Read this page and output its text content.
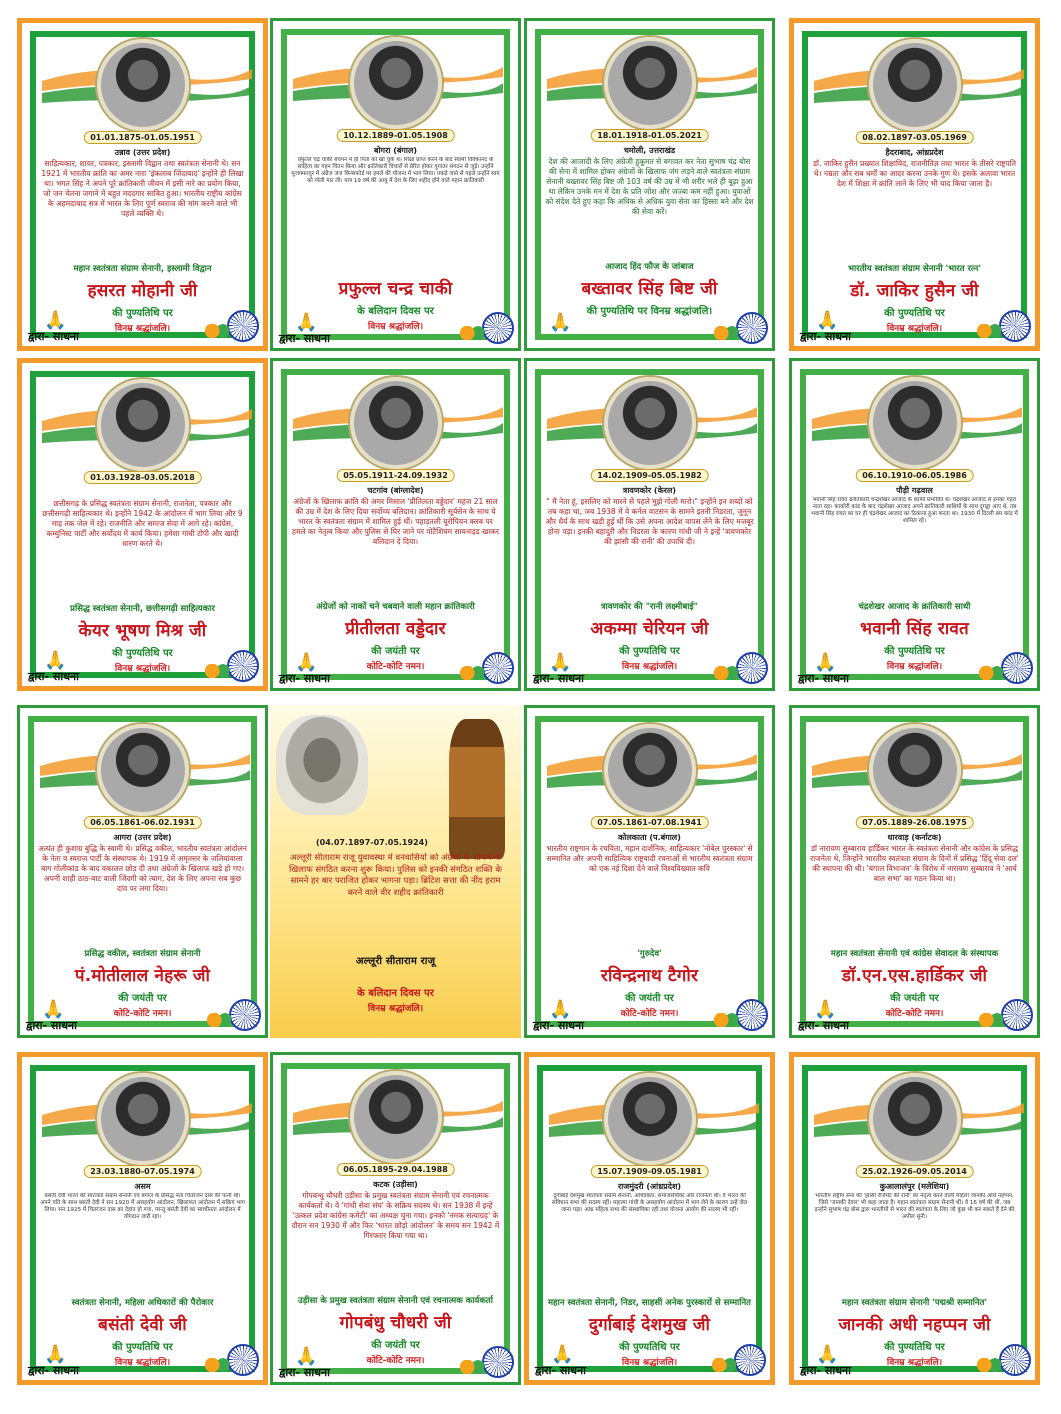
01.01.1875-01.05.1951
उन्नाव (उत्तर प्रदेश)
साहित्यकार, शायर, पत्रकार, इस्लामी विद्वान तथा स्वतंत्रता सेनानी थे। सन 1921 में भारतीय क्रांति का अमर नारा 'इंकलाब जिंदाबाद' इन्होंने ही लिखा था। भगत सिंह ने अपने पूरे क्रांतिकारी जीवन में इसी नारे का प्रयोग किया, जो जन चेतना जगाने में बहुत मददगार साबित हुआ। भारतीय राष्ट्रीय कांग्रेस के अहमदाबाद सत्र में भारत के लिए पूर्ण स्वराज की मांग करने वाले भी पहले व्यक्ति थे।
महान स्वतंत्रता संग्राम सेनानी, इस्लामी विद्वान
हसरत मोहानी जी
की पुण्यतिथि पर
विनम्र श्रद्धांजलि।
द्वारा- साधना
🙏
10.12.1889-01.05.1908
बोगरा (बंगाल)
प्रफुल्ल चंद्र चाकी बचपन में ही पिता को खो चुके थे। शिक्षा प्राप्त करने के बाद स्वामी विवेकानंद के साहित्य का गहन चिंतन किया और क्रांतिकारी विचारों से प्रेरित होकर युगांतर संगठन से जुड़े। उन्होंने मुजफ्फरपुर में अंग्रेज जज किंग्सफोर्ड पर हमले की योजना में भाग लिया। पकड़े जाने से पहले उन्होंने स्वयं को गोली मार ली। मात्र 19 वर्ष की आयु में देश के लिए शहीद होने वाले महान क्रांतिकारी
प्रफुल्ल चन्द्र चाकी
के बलिदान दिवस पर
विनम्र श्रद्धांजलि।
द्वारा- साधना
🙏
18.01.1918-01.05.2021
चमोली, उत्तराखंड
देश की आजादी के लिए अंग्रेजी हुकूमत से बगावत कर नेता सुभाष चंद्र बोस की सेना में शामिल होकर अंग्रेजों के खिलाफ जंग लड़ने वाले स्वतंत्रता संग्राम सेनानी बख्तावर सिंह बिष्ट जी 103 वर्ष की उम्र में भी शरीर भले ही बूढ़ा हुआ था लेकिन उनके मन में देश के प्रति जोश और जज्बा कम नहीं हुआ। युवाओं को संदेश देते हुए कहा कि अधिक से अधिक युवा सेना का हिस्सा बने और देश की सेवा करें।
आजाद हिंद फौज के जांबाज
बख्तावर सिंह बिष्ट जी
की पुण्यतिथि पर विनम्र श्रद्धांजलि।
🙏
08.02.1897-03.05.1969
हैदराबाद, आंध्रप्रदेश
डॉ. जाकिर हुसैन प्रख्यात शिक्षाविद, राजनीतिज्ञ तथा भारत के तीसरे राष्ट्रपति थे। नम्रता और सब धर्मों का आदर करना उनके गुण थे। इसके अलावा भारत देश में शिक्षा में क्रांति लाने के लिए भी याद किया जाता है।
भारतीय स्वतंत्रता संग्राम सेनानी 'भारत रत्न'
डॉ. जाकिर हुसैन जी
की पुण्यतिथि पर
विनम्र श्रद्धांजलि।
द्वारा- साधना
🙏
01.03.1928-03.05.2018
छत्तीसगढ़ के प्रसिद्ध स्वतंत्रता संग्राम सेनानी, राजनेता, पत्रकार और छत्तीसगढ़ी साहित्यकार थे। इन्होंने 1942 के आंदोलन में भाग लिया और 9 माह तक जेल में रहे। राजनीति और समाज सेवा में आगे रहे। कांग्रेस, कम्युनिस्ट पार्टी और सर्वोदय में कार्य किया। हमेशा गांधी टोपी और खादी धारण करते थे।
प्रसिद्ध स्वतंत्रता सेनानी, छत्तीसगढ़ी साहित्यकार
केयर भूषण मिश्र जी
की पुण्यतिथि पर
विनम्र श्रद्धांजलि।
द्वारा- साधना
🙏
05.05.1911-24.09.1932
चटगांव (बांग्लादेश)
अंग्रेजों के खिलाफ क्रांति की अमर मिसाल 'प्रीतिलता वड्डेदार' महज 21 साल की उम्र में देश के लिए दिया सर्वोच्च बलिदान। क्रांतिकारी सूर्यसेन के साथ ये भारत के स्वतंत्रता संग्राम में शामिल हुई थीं। पहाड़तली यूरोपियन क्लब पर हमले का नेतृत्व किया और पुलिस से घिर जाने पर पोटैशियम सायनाइड खाकर बलिदान दे दिया।
अंग्रेजों को नाकों चने चबवाने वाली महान क्रांतिकारी
प्रीतीलता वड्डेदार
की जयंती पर
कोटि-कोटि नमन।
द्वारा- साधना
🙏
14.02.1909-05.05.1982
त्रावणकोर (केरल)
" मैं नेता हूं, इसलिए को मारने से पहले मुझे गोली मारो।" इन्होंने इन शब्दों को तब कहा था, जब 1938 में वे कर्नल वाटसन के सामने इतनी निडरता, जुनून और धैर्य के साथ खड़ी हुई थीं कि उसे अपना आदेश वापस लेने के लिए मजबूर होना पड़ा। इनकी बहादुरी और निडरता के कारण गांधी जी ने इन्हें 'त्रावणकोर की झांसी की रानी' की उपाधि दी।
त्रावणकोर की "रानी लक्ष्मीबाई"
अकम्मा चेरियन जी
की पुण्यतिथि पर
विनम्र श्रद्धांजलि।
द्वारा- साधना
🙏
06.10.1910-06.05.1986
पौड़ी गढ़वाल
भवानी सिंह रावत क्रांतिकारी चन्द्रशेखर आजाद के काफी प्रभावित थे। चंद्रशेखर आजाद से इनका गहरा नाता रहा। काकोरी कांड के बाद चंद्रशेखर आजाद अपने क्रांतिकारी साथियों के साथ दुगड्डा आए थे, तब भवानी सिंह रावत का घर ही चंद्रशेखर आजाद का ठिकाना हुआ करता था। 1930 में दिल्ली बम कांड में शामिल रहे।
चंद्रशेखर आजाद के क्रांतिकारी साथी
भवानी सिंह रावत
की पुण्यतिथि पर
विनम्र श्रद्धांजलि।
द्वारा- साधना
🙏
06.05.1861-06.02.1931
आगरा (उत्तर प्रदेश)
अत्यंत ही कुशाग्र बुद्धि के स्वामी थे। प्रसिद्ध वकील, भारतीय स्वतंत्रता आंदोलन के नेता व स्वराज पार्टी के संस्थापक थे। 1919 में अमृतसर के जलियांवाला बाग गोलीकांड के बाद वकालत छोड़ दी तथा अंग्रेजों के खिलाफ खड़े हो गए। अपनी शाही ठाठ-बाट वाली जिंदगी को त्याग, देश के लिए अपना सब कुछ दांव पर लगा दिया।
प्रसिद्ध वकील, स्वतंत्रता संग्राम सेनानी
पं.मोतीलाल नेहरू जी
की जयंती पर
कोटि-कोटि नमन।
द्वारा- साधना
🙏
(04.07.1897-07.05.1924)
अल्लूरी सीताराम राजू युवावस्था में वनवासियों को अंग्रेजों के शोषण के खिलाफ संगठित करना शुरू किया। पुलिस को इनकी संगठित शक्ति के सामने हर बार पराजित होकर भागना पड़ा। ब्रिटिश सत्ता की नींद हराम करने वाले वीर शहीद क्रांतिकारी
अल्लूरी सीताराम राजू
के बलिदान दिवस पर
विनम्र श्रद्धांजलि।
07.05.1861-07.08.1941
कोलकाता (प.बंगाल)
भारतीय राष्ट्रगान के रचयिता, महान दार्शनिक, साहित्यकार 'नोबेल पुरस्कार' से सम्मानित और अपनी साहित्यिक राष्ट्रवादी रचनाओं से भारतीय स्वतंत्रता संग्राम को एक नई दिशा देने वाले विश्वविख्यात कवि
'गुरुदेव'
रविन्द्रनाथ टैगोर
की जयंती पर
कोटि-कोटि नमन।
द्वारा- साधना
🙏
07.05.1889-26.08.1975
धारवाड़ (कर्नाटक)
डॉ नारायण सुब्बाराव हार्डिकर भारत के स्वतंत्रता सेनानी और कांग्रेस के प्रसिद्ध राजनेता थे, जिन्होंने भारतीय स्वतंत्रता संग्राम के दिनों में प्रसिद्ध 'हिंदू सेवा दल' की स्थापना की थी। 'बंगाल विभाजन' के विरोध में नारायण सुब्बाराव ने 'आर्य बाल सभा' का गठन किया था।
महान स्वतंत्रता सेनानी एवं कांग्रेस सेवादल के संस्थापक
डॉ.एन.एस.हार्डिकर जी
की जयंती पर
कोटि-कोटि नमन।
द्वारा- साधना
🙏
23.03.1880-07.05.1974
असम
बसंती देवी भारत की स्वतंत्रता संग्राम सेनानी एवं बंगाल के प्रसिद्ध नेता चितरंजन दास की पत्नी थीं। अपने पति के साथ बसंती देवी ने सन 1920 में असहयोग आंदोलन, खिलाफत आंदोलन में सक्रिय भाग लिया। सन 1925 में चितरंजन दास का देहांत हो गया, परन्तु बसंती देवी का स्वाधीनता आंदोलन में योगदान जारी रहा।
स्वतंत्रता सेनानी, महिला अधिकारों की पैरोकार
बसंती देवी जी
की पुण्यतिथि पर
विनम्र श्रद्धांजलि।
द्वारा- साधना
🙏
06.05.1895-29.04.1988
कटक (उड़ीसा)
गोपबन्धु चौधरी उड़ीसा के प्रमुख स्वतंत्रता संग्राम सेनानी एवं रचनात्मक कार्यकर्ता थे। वे 'गांधी सेवा संघ' के सक्रिय सदस्य थे। सन 1938 में इन्हें 'उत्कल प्रदेश कांग्रेस कमेटी' का अध्यक्ष चुना गया। इनको 'नमक सत्याग्रह' के दौरान सन 1930 में और फिर 'भारत छोड़ो आंदोलन' के समय सन 1942 में गिरफ्तार किया गया था।
उड़ीसा के प्रमुख स्वतंत्रता संग्राम सेनानी एवं रचनात्मक कार्यकर्ता
गोपबंधु चौधरी जी
की जयंती पर
कोटि-कोटि नमन।
द्वारा- साधना
🙏
15.07.1909-09.05.1981
राजमुंदरी (आंध्रप्रदेश)
दुर्गाबाई देशमुख स्वतंत्रता संग्राम सेनानी, अधिवक्ता, समाजसेविका और राजनेता थीं। वे भारत की संविधान सभा की सदस्य रहीं। महात्मा गांधी के असहयोग आंदोलन में भाग लेने के कारण उन्हें जेल जाना पड़ा। आंध्र महिला सभा की संस्थापिका रहीं तथा योजना आयोग की सदस्य भी रहीं।
महान स्वतंत्रता सेनानी, निडर, साहसी अनेक पुरस्कारों से सम्मानित
दुर्गाबाई देशमुख जी
की पुण्यतिथि पर
विनम्र श्रद्धांजलि।
द्वारा- साधना
🙏
25.02.1926-09.05.2014
कुआलालंपुर (मलेशिया)
भारतीय राष्ट्रीय सेना की 'झांसी रेजिमेंट की रानी' का नेतृत्व करने वाली महिला जानकी अधि नहप्पन, जिसे 'जानकी देवार' भी कहा जाता है। महान स्वतंत्रता संग्राम सेनानी थीं। वे 16 वर्ष की थीं, जब इन्होंने सुभाष चंद्र बोस द्वारा भारतीयों से भारत की स्वतंत्रता के लिए जो कुछ भी कर सकते हैं देने की अपील सुनी।
महान स्वतंत्रता संग्राम सेनानी 'पद्मश्री सम्मानित'
जानकी अधी नहप्पन जी
की पुण्यतिथि पर
विनम्र श्रद्धांजलि।
द्वारा- साधना
🙏
